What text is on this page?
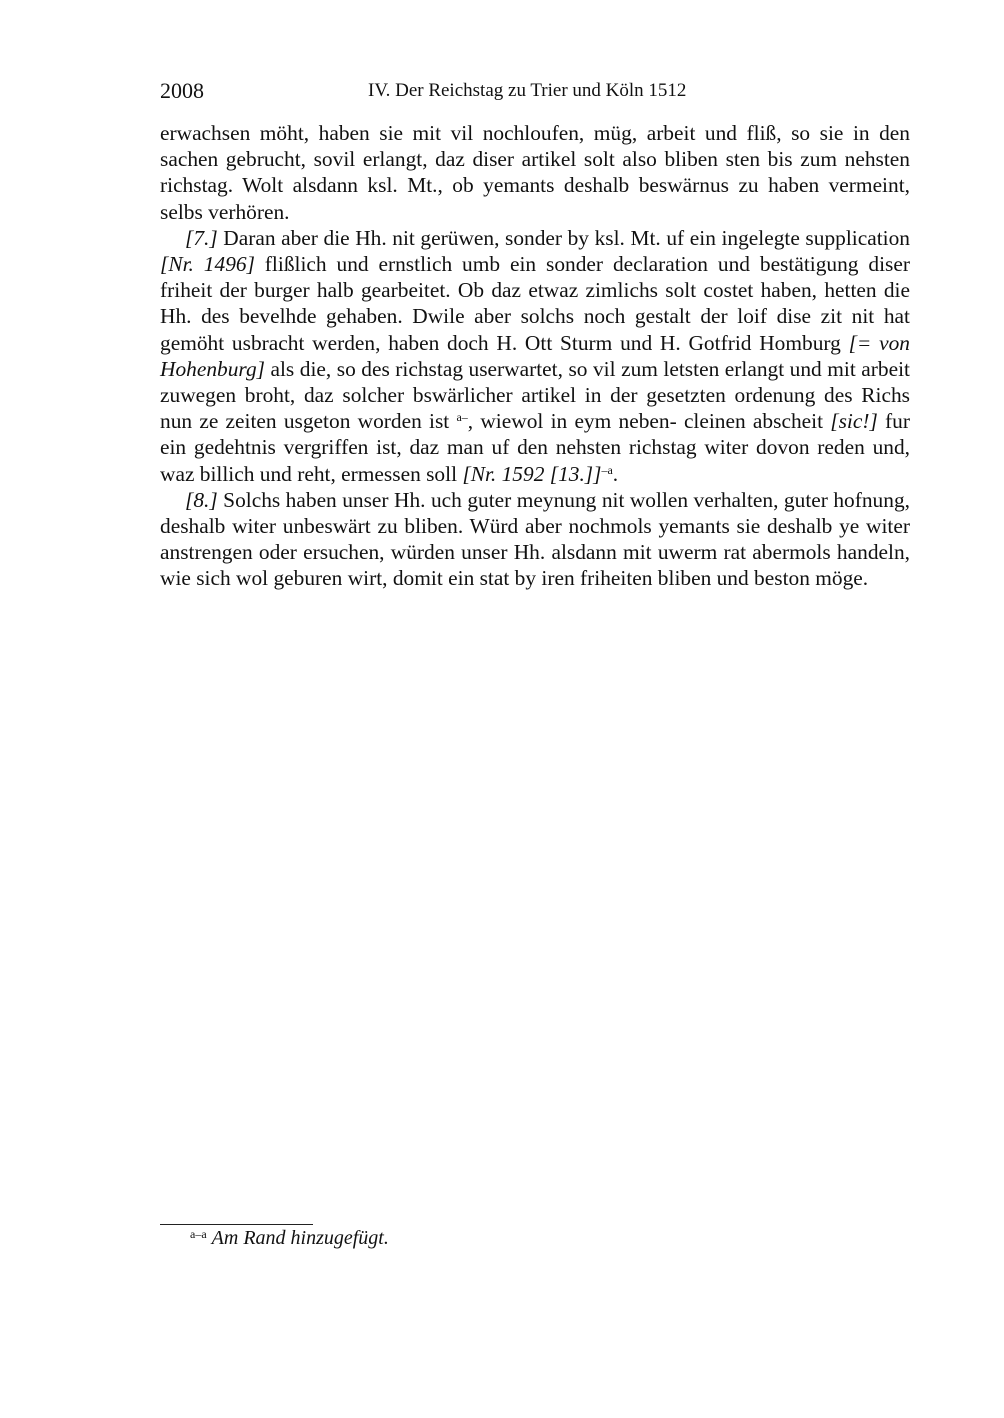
2008	IV. Der Reichstag zu Trier und Köln 1512

erwachsen möht, haben sie mit vil nochloufen, müg, arbeit und fliß, so sie in den sachen gebrucht, sovil erlangt, daz diser artikel solt also bliben sten bis zum nehsten richstag. Wolt alsdann ksl. Mt., ob yemants deshalb beswärnus zu haben vermeint, selbs verhören.

[7.] Daran aber die Hh. nit gerüwen, sonder by ksl. Mt. uf ein ingelegte supplication [Nr. 1496] flißlich und ernstlich umb ein sonder declaration und bestätigung diser friheit der burger halb gearbeitet. Ob daz etwaz zimlichs solt costet haben, hetten die Hh. des bevelhde gehaben. Dwile aber solchs noch gestalt der loif dise zit nit hat gemöht usbracht werden, haben doch H. Ott Sturm und H. Gotfrid Homburg [= von Hohenburg] als die, so des richstag userwartet, so vil zum letsten erlangt und mit arbeit zuwegen broht, daz solcher bswärlicher artikel in der gesetzten ordenung des Richs nun ze zeiten usgeton worden ist $^{a-}$, wiewol in eym neben- cleinen abscheit [sic!] fur ein gedehtnis vergriffen ist, daz man uf den nehsten richstag witer dovon reden und, waz billich und reht, ermessen soll [Nr. 1592 [13.]]$^{-a}$.

[8.] Solchs haben unser Hh. uch guter meynung nit wollen verhalten, guter hofnung, deshalb witer unbeswärt zu bliben. Würd aber nochmols yemants sie deshalb ye witer anstrengen oder ersuchen, würden unser Hh. alsdann mit uwerm rat abermols handeln, wie sich wol geburen wirt, domit ein stat by iren friheiten bliben und beston möge.

$^{a-a}$ Am Rand hinzugefügt.
